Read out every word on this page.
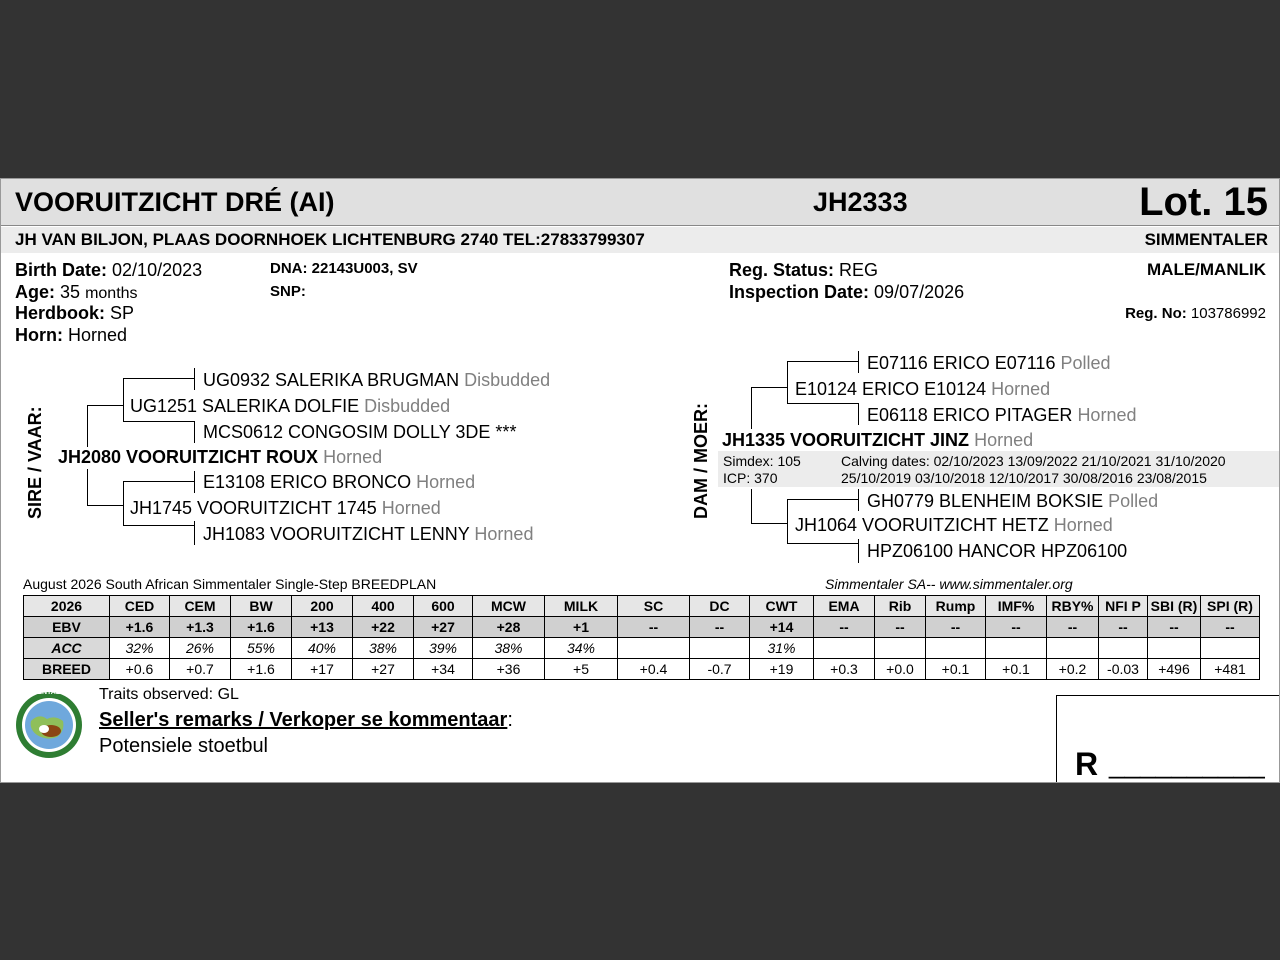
VOORUITZICHT DRÉ (AI)	JH2333	Lot. 15
JH VAN BILJON, PLAAS DOORNHOEK LICHTENBURG 2740 TEL:27833799307	SIMMENTALER
Birth Date: 02/10/2023
Age: 35 months
Herdbook: SP
Horn: Horned
DNA: 22143U003, SV
SNP:
Reg. Status: REG
Inspection Date: 09/07/2026
MALE/MANLIK
Reg. No: 103786992
SIRE / VAAR:
UG0932 SALERIKA BRUGMAN Disbudded
UG1251 SALERIKA DOLFIE Disbudded
MCS0612 CONGOSIM DOLLY 3DE ***
JH2080 VOORUITZICHT ROUX Horned
E13108 ERICO BRONCO Horned
JH1745 VOORUITZICHT 1745 Horned
JH1083 VOORUITZICHT LENNY Horned
DAM / MOER:
E07116 ERICO E07116 Polled
E10124 ERICO E10124 Horned
E06118 ERICO PITAGER Horned
JH1335 VOORUITZICHT JINZ Horned
Simdex: 105
ICP: 370
Calving dates: 02/10/2023 13/09/2022 21/10/2021 31/10/2020
25/10/2019 03/10/2018 12/10/2017 30/08/2016 23/08/2015
GH0779 BLENHEIM BOKSIE Polled
JH1064 VOORUITZICHT HETZ Horned
HPZ06100 HANCOR HPZ06100
August 2026 South African Simmentaler Single-Step BREEDPLAN	Simmentaler SA-- www.simmentaler.org
2026	CED	CEM	BW	200	400	600	MCW	MILK	SC	DC	CWT	EMA	Rib	Rump	IMF%	RBY%	NFI P	SBI (R)	SPI (R)
EBV	+1.6	+1.3	+1.6	+13	+22	+27	+28	+1	--	--	+14	--	--	--	--	--	--	--	--
ACC	32%	26%	55%	40%	38%	39%	38%	34%			31%								
BREED	+0.6	+0.7	+1.6	+17	+27	+34	+36	+5	+0.4	-0.7	+19	+0.3	+0.0	+0.1	+0.1	+0.2	-0.03	+496	+481
SIMMENTALER Traits observed: GL
Seller's remarks / Verkoper se kommentaar:
Potensiele stoetbul	R __________
